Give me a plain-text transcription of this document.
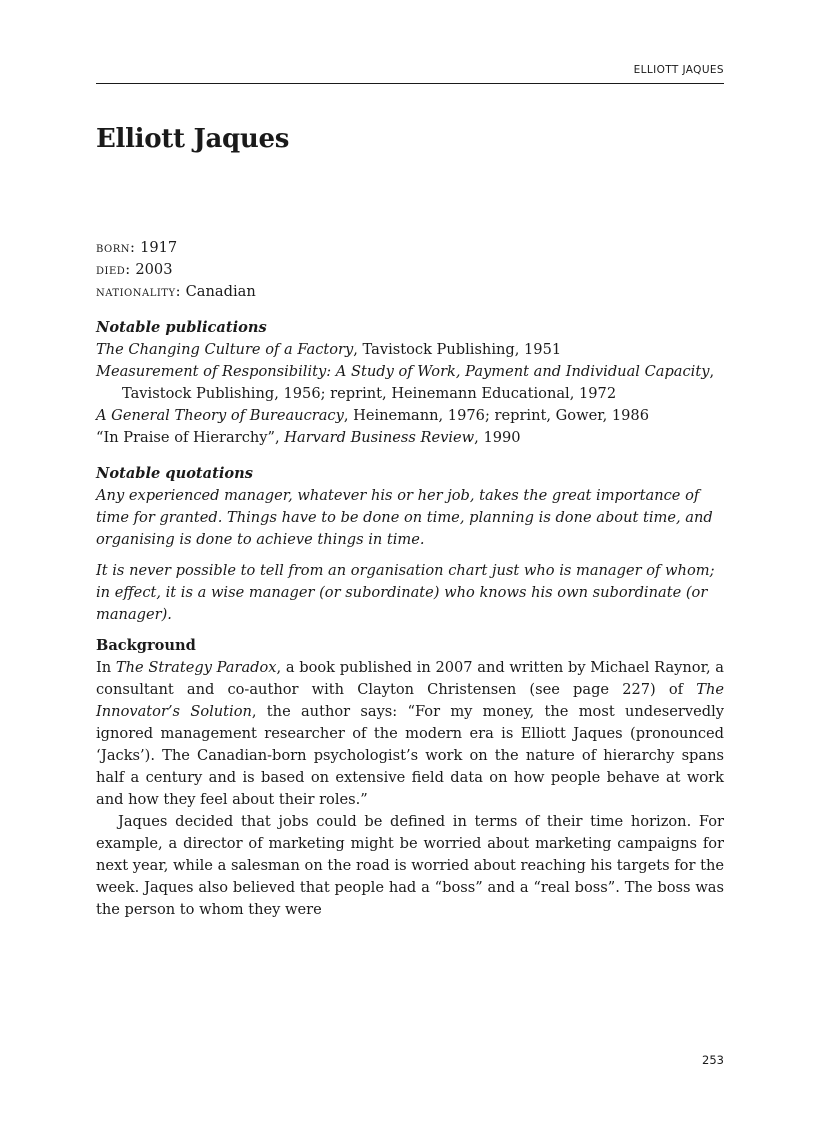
ELLIOTT JAQUES
Elliott Jaques
born: 1917
died: 2003
nationality: Canadian
Notable publications
The Changing Culture of a Factory, Tavistock Publishing, 1951
Measurement of Responsibility: A Study of Work, Payment and Individual Capacity, Tavistock Publishing, 1956; reprint, Heinemann Educational, 1972
A General Theory of Bureaucracy, Heinemann, 1976; reprint, Gower, 1986
“In Praise of Hierarchy”, Harvard Business Review, 1990
Notable quotations

Any experienced manager, whatever his or her job, takes the great importance of time for granted. Things have to be done on time, planning is done about time, and organising is done to achieve things in time.

It is never possible to tell from an organisation chart just who is manager of whom; in effect, it is a wise manager (or subordinate) who knows his own subordinate (or manager).

Background

In The Strategy Paradox, a book published in 2007 and written by Michael Raynor, a consultant and co-author with Clayton Christensen (see page 227) of The Innovator’s Solution, the author says: “For my money, the most undeservedly ignored management researcher of the modern era is Elliott Jaques (pronounced ‘Jacks’). The Canadian-born psychologist’s work on the nature of hierarchy spans half a century and is based on extensive field data on how people behave at work and how they feel about their roles.”

Jaques decided that jobs could be defined in terms of their time horizon. For example, a director of marketing might be worried about marketing campaigns for next year, while a salesman on the road is worried about reaching his targets for the week. Jaques also believed that people had a “boss” and a “real boss”. The boss was the person to whom they were

253
